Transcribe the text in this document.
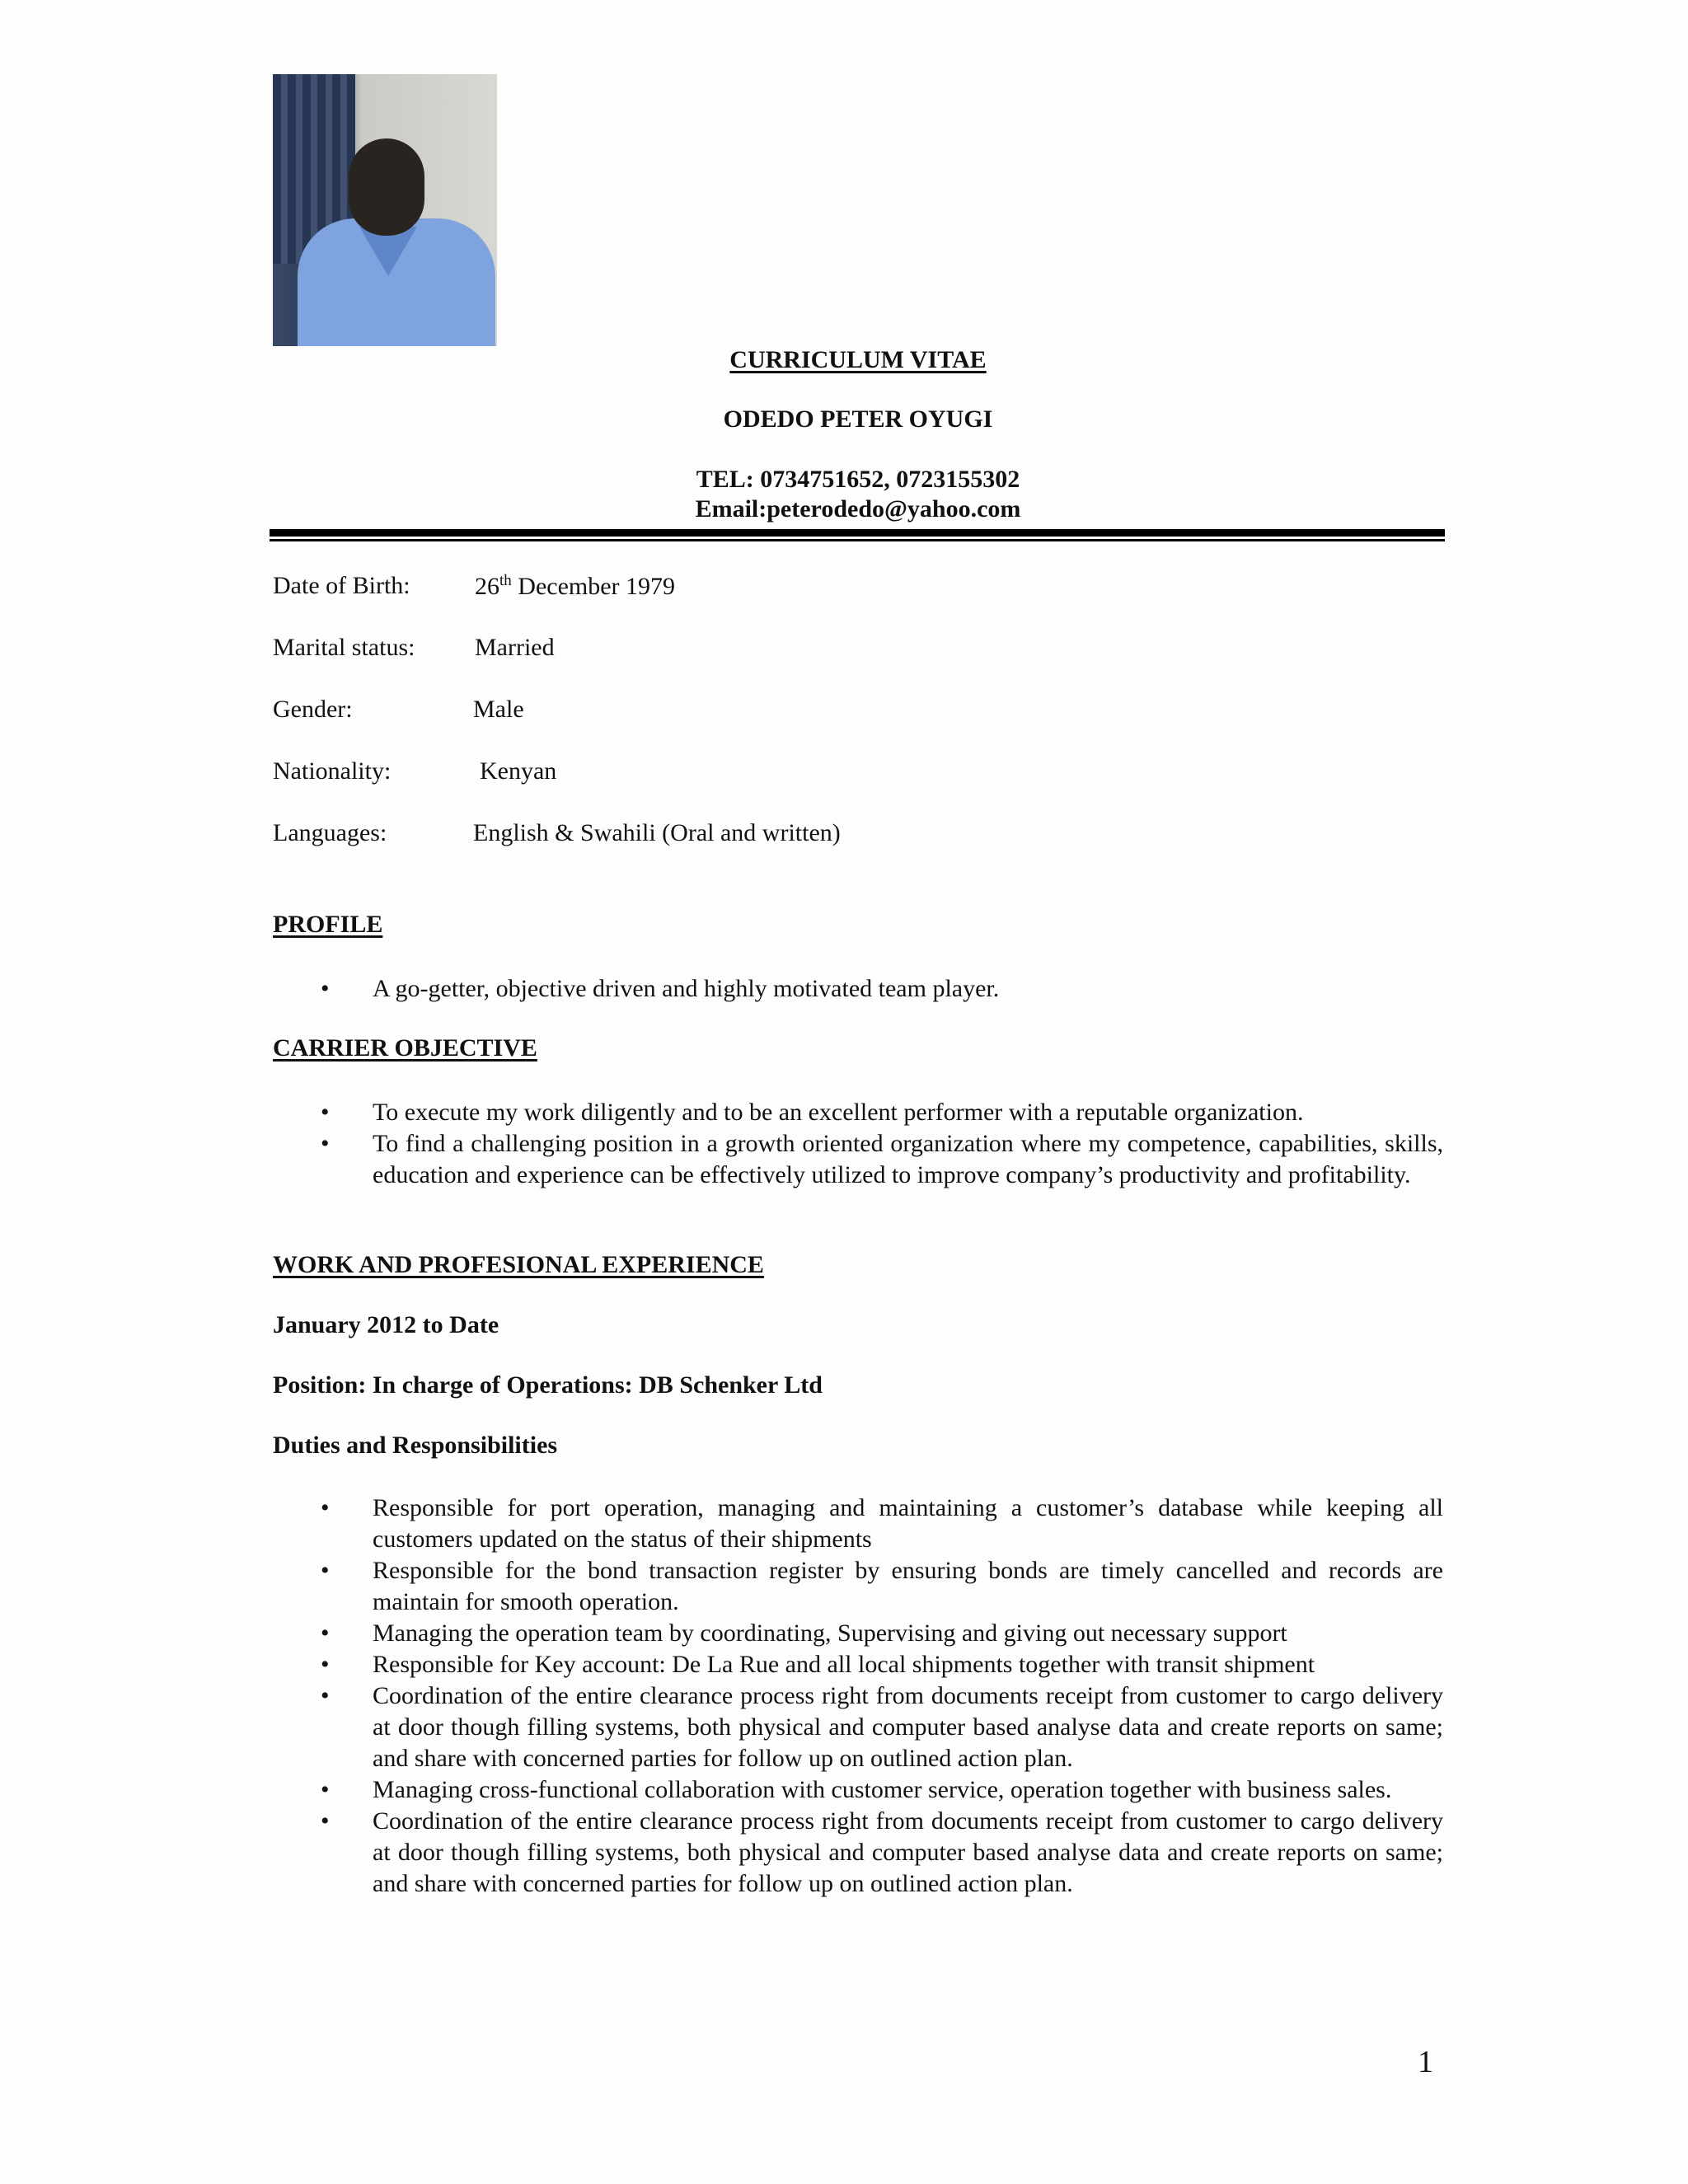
CURRICULUM VITAE
ODEDO PETER OYUGI
TEL: 0734751652, 0723155302
Email:peterodedo@yahoo.com
Date of Birth:	26th December 1979
Marital status: Married
Gender:	Male
Nationality:	Kenyan
Languages:	English & Swahili (Oral and written)
PROFILE
• A go-getter, objective driven and highly motivated team player.
CARRIER OBJECTIVE
• To execute my work diligently and to be an excellent performer with a reputable organization.
• To find a challenging position in a growth oriented organization where my competence, capabilities, skills, education and experience can be effectively utilized to improve company’s productivity and profitability.
WORK AND PROFESIONAL EXPERIENCE
January 2012 to Date
Position: In charge of Operations: DB Schenker Ltd
Duties and Responsibilities
• Responsible for port operation, managing and maintaining a customer’s database while keeping all customers updated on the status of their shipments
• Responsible for the bond transaction register by ensuring bonds are timely cancelled and records are maintain for smooth operation.
• Managing the operation team by coordinating, Supervising and giving out necessary support
• Responsible for Key account: De La Rue and all local shipments together with transit shipment
• Coordination of the entire clearance process right from documents receipt from customer to cargo delivery at door though filling systems, both physical and computer based analyse data and create reports on same; and share with concerned parties for follow up on outlined action plan.
• Managing cross-functional collaboration with customer service, operation together with business sales.
• Coordination of the entire clearance process right from documents receipt from customer to cargo delivery at door though filling systems, both physical and computer based analyse data and create reports on same; and share with concerned parties for follow up on outlined action plan.
1
